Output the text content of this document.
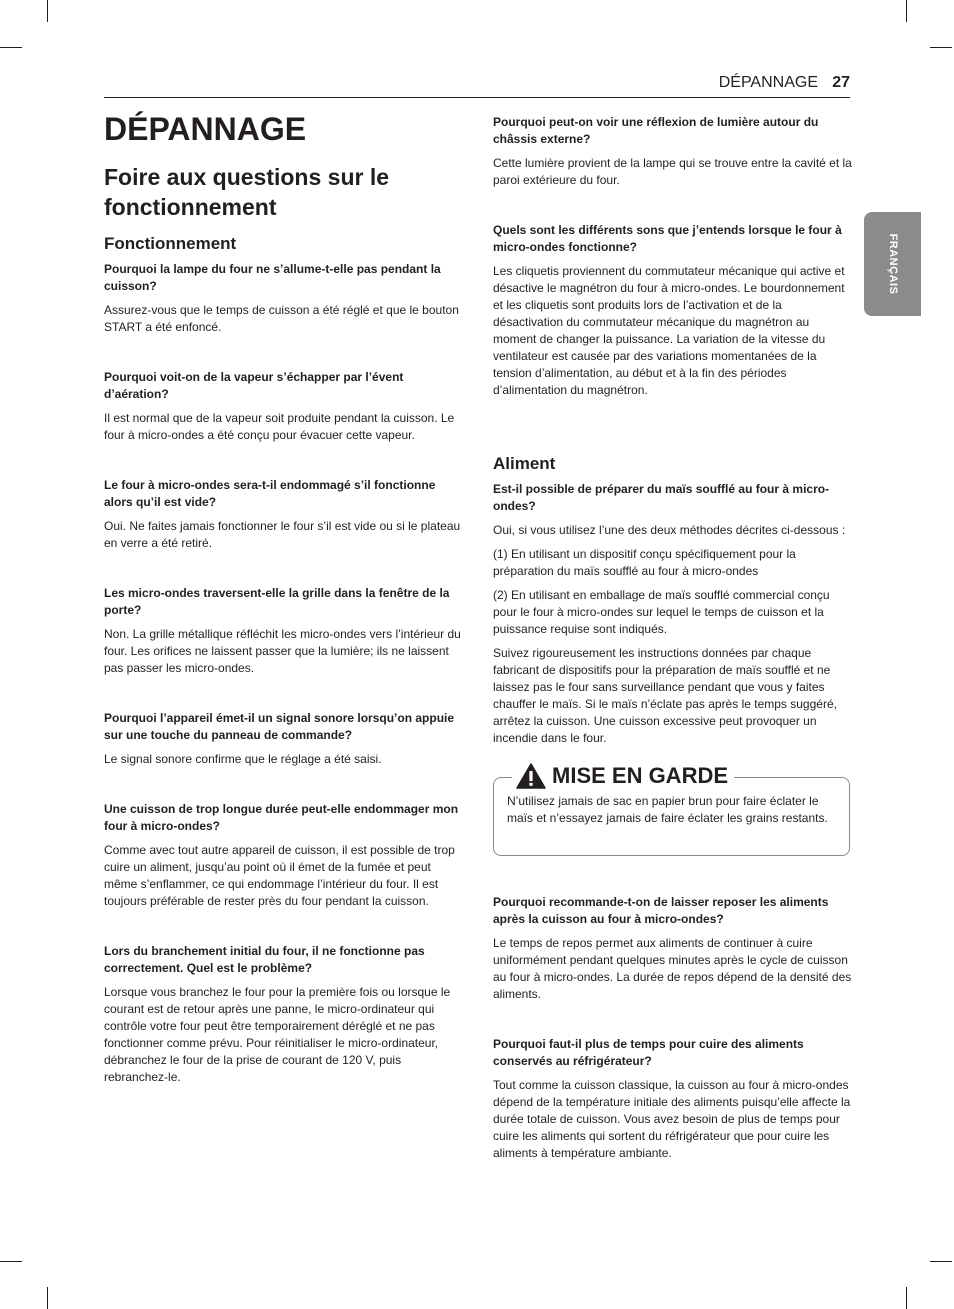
DÉPANNAGE 27
FRANÇAIS
DÉPANNAGE
Foire aux questions sur le fonctionnement
Fonctionnement

Pourquoi la lampe du four ne s’allume-t-elle pas pendant la cuisson?

Assurez-vous que le temps de cuisson a été réglé et que le bouton START a été enfoncé.

Pourquoi voit-on de la vapeur s’échapper par l’évent d’aération?

Il est normal que de la vapeur soit produite pendant la cuisson. Le four à micro-ondes a été conçu pour évacuer cette vapeur.

Le four à micro-ondes sera-t-il endommagé s’il fonctionne alors qu’il est vide?

Oui. Ne faites jamais fonctionner le four s’il est vide ou si le plateau en verre a été retiré.

Les micro-ondes traversent-elle la grille dans la fenêtre de la porte?

Non. La grille métallique réfléchit les micro-ondes vers l’intérieur du four. Les orifices ne laissent passer que la lumière; ils ne laissent pas passer les micro-ondes.

Pourquoi l’appareil émet-il un signal sonore lorsqu’on appuie sur une touche du panneau de commande?

Le signal sonore confirme que le réglage a été saisi.

Une cuisson de trop longue durée peut-elle endommager mon four à micro-ondes?

Comme avec tout autre appareil de cuisson, il est possible de trop cuire un aliment, jusqu’au point où il émet de la fumée et peut même s’enflammer, ce qui endommage l’intérieur du four. Il est toujours préférable de rester près du four pendant la cuisson.

Lors du branchement initial du four, il ne fonctionne pas correctement. Quel est le problème?

Lorsque vous branchez le four pour la première fois ou lorsque le courant est de retour après une panne, le micro-ordinateur qui contrôle votre four peut être temporairement déréglé et ne pas fonctionner comme prévu. Pour réinitialiser le micro-ordinateur, débranchez le four de la prise de courant de 120 V, puis rebranchez-le.

Pourquoi peut-on voir une réflexion de lumière autour du châssis externe?

Cette lumière provient de la lampe qui se trouve entre la cavité et la paroi extérieure du four.

Quels sont les différents sons que j’entends lorsque le four à micro-ondes fonctionne?

Les cliquetis proviennent du commutateur mécanique qui active et désactive le magnétron du four à micro-ondes. Le bourdonnement et les cliquetis sont produits lors de l’activation et de la désactivation du commutateur mécanique du magnétron au moment de changer la puissance. La variation de la vitesse du ventilateur est causée par des variations momentanées de la tension d’alimentation, au début et à la fin des périodes d’alimentation du magnétron.

Aliment

Est-il possible de préparer du maïs soufflé au four à micro-ondes?

Oui, si vous utilisez l’une des deux méthodes décrites ci-dessous :

(1) En utilisant un dispositif conçu spécifiquement pour la préparation du maïs soufflé au four à micro-ondes

(2) En utilisant en emballage de maïs soufflé commercial conçu pour le four à micro-ondes sur lequel le temps de cuisson et la puissance requise sont indiqués.

Suivez rigoureusement les instructions données par chaque fabricant de dispositifs pour la préparation de maïs soufflé et ne laissez pas le four sans surveillance pendant que vous y faites chauffer le maïs. Si le maïs n’éclate pas après le temps suggéré, arrêtez la cuisson. Une cuisson excessive peut provoquer un incendie dans le four.

MISE EN GARDE

N’utilisez jamais de sac en papier brun pour faire éclater le maïs et n’essayez jamais de faire éclater les grains restants.

Pourquoi recommande-t-on de laisser reposer les aliments après la cuisson au four à micro-ondes?

Le temps de repos permet aux aliments de continuer à cuire uniformément pendant quelques minutes après le cycle de cuisson au four à micro-ondes. La durée de repos dépend de la densité des aliments.

Pourquoi faut-il plus de temps pour cuire des aliments conservés au réfrigérateur?

Tout comme la cuisson classique, la cuisson au four à micro-ondes dépend de la température initiale des aliments puisqu’elle affecte la durée totale de cuisson. Vous avez besoin de plus de temps pour cuire les aliments qui sortent du réfrigérateur que pour cuire les aliments à température ambiante.
